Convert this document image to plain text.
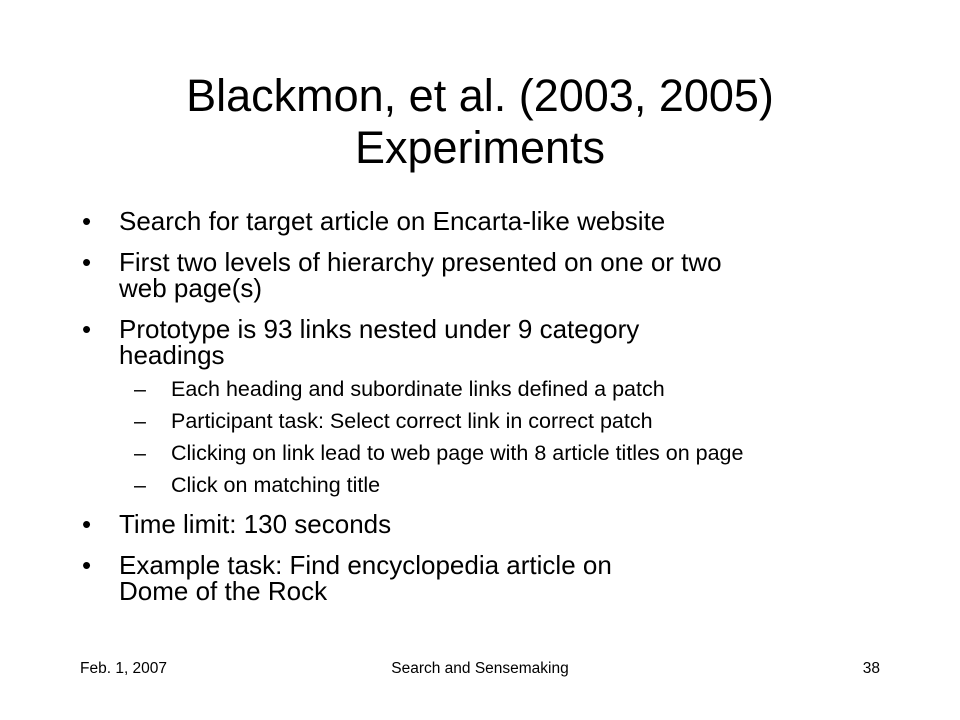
Blackmon, et al. (2003, 2005)
Experiments
• Search for target article on Encarta-like website
• First two levels of hierarchy presented on one or two
web page(s)
• Prototype is 93 links nested under 9 category
headings
– Each heading and subordinate links defined a patch
– Participant task: Select correct link in correct patch
– Clicking on link lead to web page with 8 article titles on page
– Click on matching title
• Time limit: 130 seconds
• Example task: Find encyclopedia article on
Dome of the Rock
Feb. 1, 2007	Search and Sensemaking	38
